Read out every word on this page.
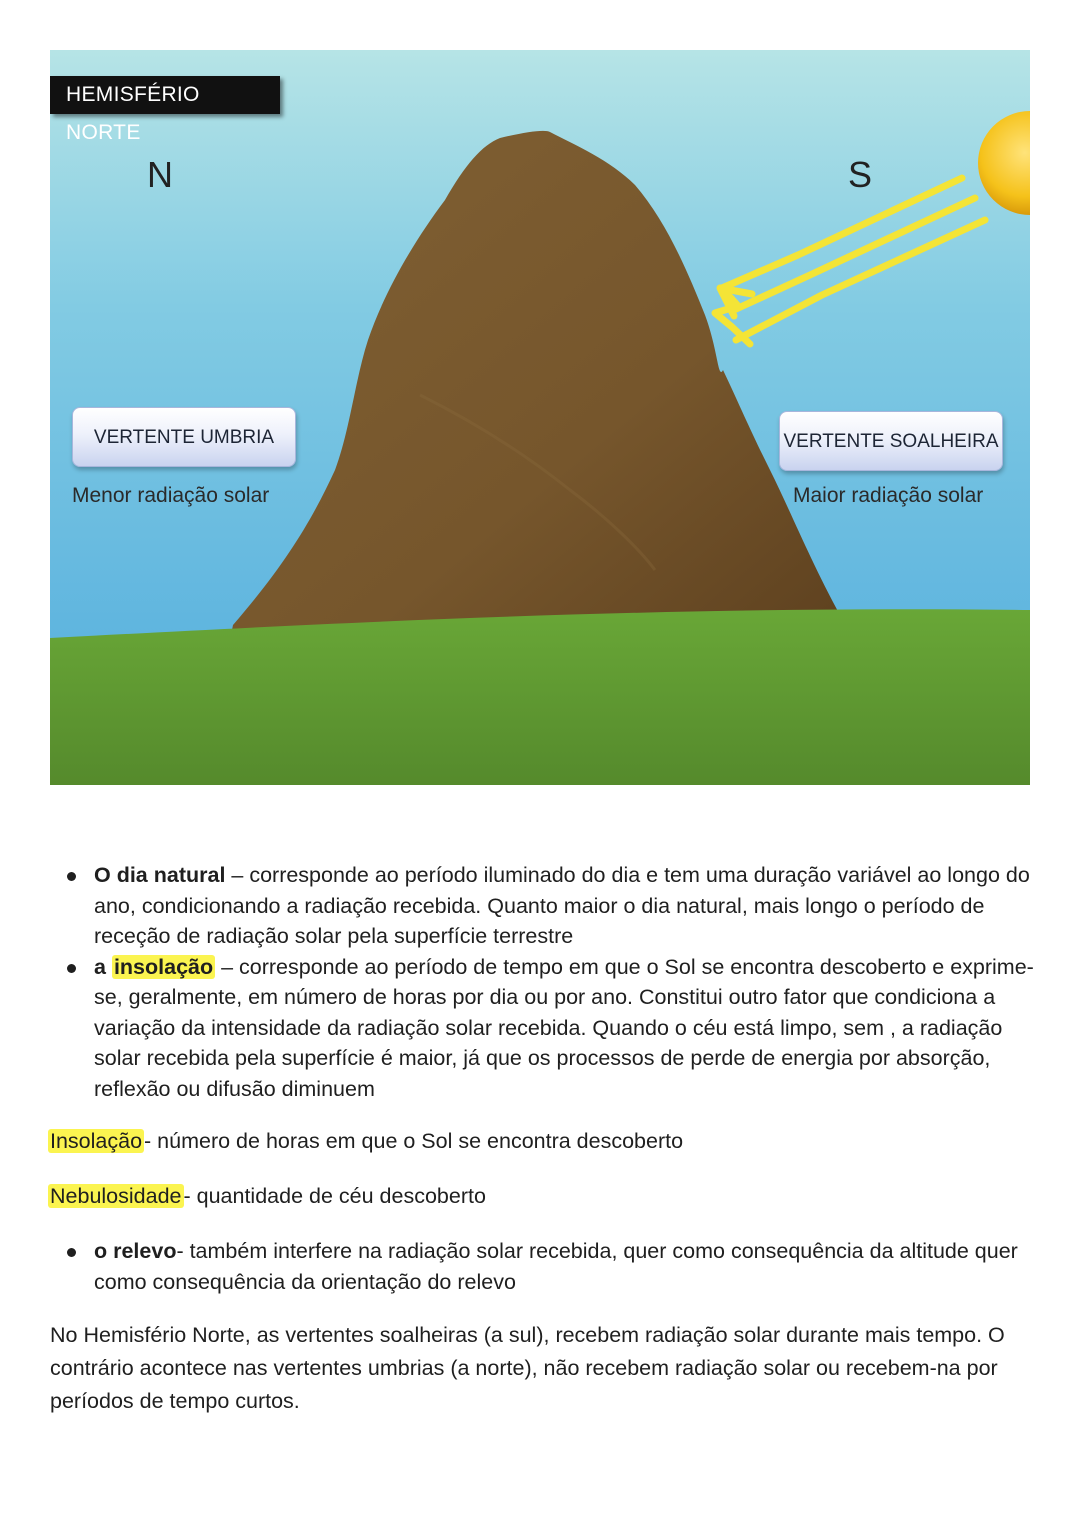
HEMISFÉRIO NORTE
N	S
VERTENTE UMBRIA
Menor radiação solar
VERTENTE SOALHEIRA
Maior radiação solar
O dia natural – corresponde ao período iluminado do dia e tem uma duração variável ao longo do ano, condicionando a radiação recebida. Quanto maior o dia natural, mais longo o período de receção de radiação solar pela superfície terrestre
a insolação – corresponde ao período de tempo em que o Sol se encontra descoberto e exprime-se, geralmente, em número de horas por dia ou por ano. Constitui outro fator que condiciona a variação da intensidade da radiação solar recebida. Quando o céu está limpo, sem , a radiação solar recebida pela superfície é maior, já que os processos de perde de energia por absorção, reflexão ou difusão diminuem

Insolação- número de horas em que o Sol se encontra descoberto

Nebulosidade- quantidade de céu descoberto

o relevo- também interfere na radiação solar recebida, quer como consequência da altitude quer como consequência da orientação do relevo

No Hemisfério Norte, as vertentes soalheiras (a sul), recebem radiação solar durante mais tempo. O contrário acontece nas vertentes umbrias (a norte), não recebem radiação solar ou recebem-na por períodos de tempo curtos.
